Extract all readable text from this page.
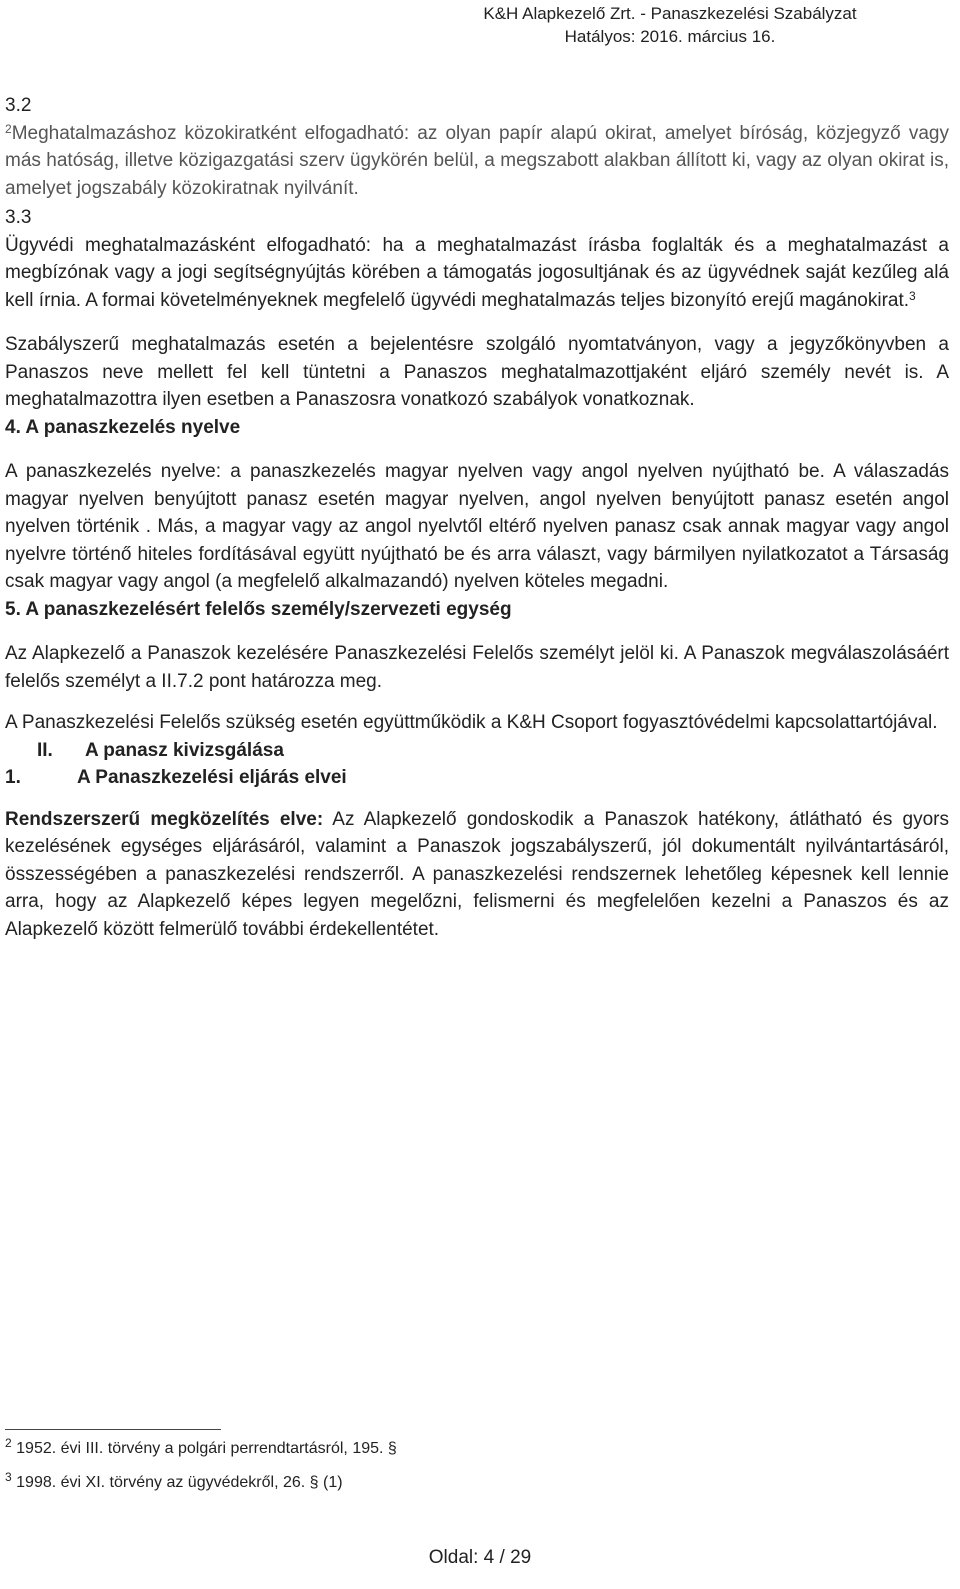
K&H Alapkezelő Zrt. - Panaszkezelési Szabályzat
Hatályos: 2016. március 16.

3.2

$^2$Meghatalmazáshoz közokiratként elfogadható: az olyan papír alapú okirat, amelyet bíróság, közjegyző vagy más hatóság, illetve közigazgatási szerv ügykörén belül, a megszabott alakban állított ki, vagy az olyan okirat is, amelyet jogszabály közokiratnak nyilvánít.

3.3

Ügyvédi meghatalmazásként elfogadható: ha a meghatalmazást írásba foglalták és a meghatalmazást a megbízónak vagy a jogi segítségnyújtás körében a támogatás jogosultjának és az ügyvédnek saját kezűleg alá kell írnia. A formai követelményeknek megfelelő ügyvédi meghatalmazás teljes bizonyító erejű magánokirat.$^3$

Szabályszerű meghatalmazás esetén a bejelentésre szolgáló nyomtatványon, vagy a jegyzőkönyvben a Panaszos neve mellett fel kell tüntetni a Panaszos meghatalmazottjaként eljáró személy nevét is. A meghatalmazottra ilyen esetben a Panaszosra vonatkozó szabályok vonatkoznak.

4. A panaszkezelés nyelve

A panaszkezelés nyelve: a panaszkezelés magyar nyelven vagy angol nyelven nyújtható be. A válaszadás magyar nyelven benyújtott panasz esetén magyar nyelven, angol nyelven benyújtott panasz esetén angol nyelven történik . Más, a magyar vagy az angol nyelvtől eltérő nyelven panasz csak annak magyar vagy angol nyelvre történő hiteles fordításával együtt nyújtható be és arra választ, vagy bármilyen nyilatkozatot a Társaság csak magyar vagy angol (a megfelelő alkalmazandó) nyelven köteles megadni.

5. A panaszkezelésért felelős személy/szervezeti egység

Az Alapkezelő a Panaszok kezelésére Panaszkezelési Felelős személyt jelöl ki. A Panaszok megválaszolásáért felelős személyt a II.7.2 pont határozza meg.

A Panaszkezelési Felelős szükség esetén együttműködik a K&H Csoport fogyasztóvédelmi kapcsolattartójával.

II. A panasz kivizsgálása

1.	A Panaszkezelési eljárás elvei

Rendszerszerű megközelítés elve: Az Alapkezelő gondoskodik a Panaszok hatékony, átlátható és gyors kezelésének egységes eljárásáról, valamint a Panaszok jogszabályszerű, jól dokumentált nyilvántartásáról, összességében a panaszkezelési rendszerről. A panaszkezelési rendszernek lehetőleg képesnek kell lennie arra, hogy az Alapkezelő képes legyen megelőzni, felismerni és megfelelően kezelni a Panaszos és az Alapkezelő között felmerülő további érdekellentétet.

$^2$ 1952. évi III. törvény a polgári perrendtartásról, 195. §

$^3$ 1998. évi XI. törvény az ügyvédekről, 26. § (1)

Oldal: 4 / 29
